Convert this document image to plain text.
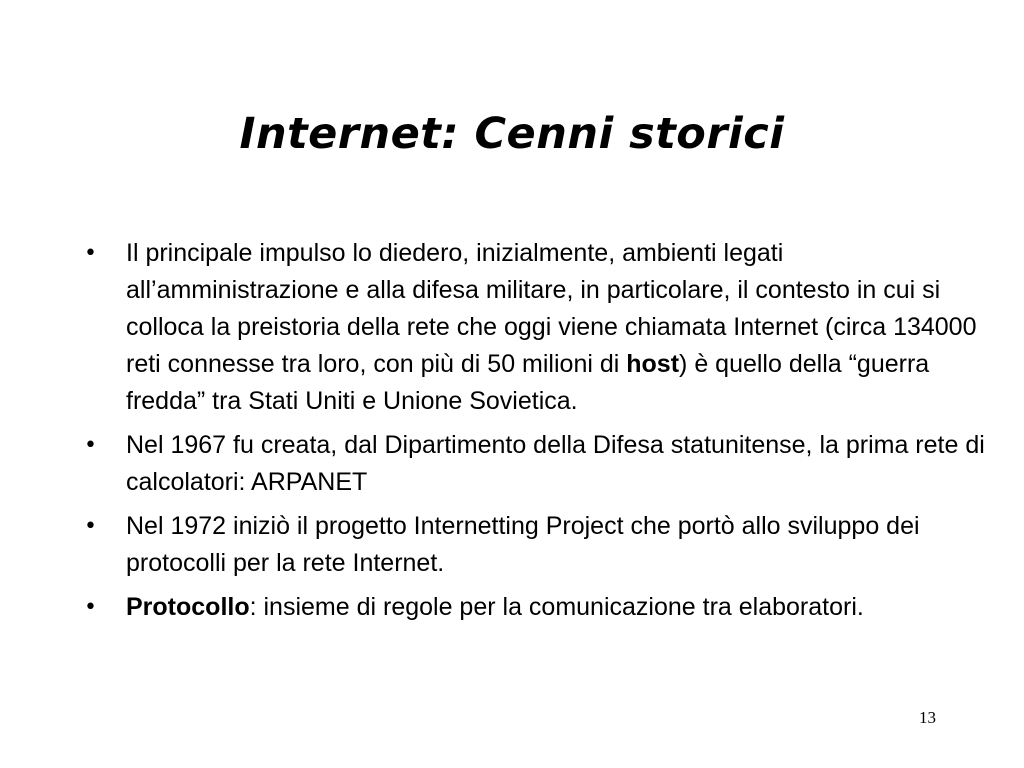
Internet: Cenni storici
•	Il principale impulso lo diedero, inizialmente, ambienti legati all’amministrazione e alla difesa militare, in particolare, il contesto in cui si colloca la preistoria della rete che oggi viene chiamata Internet (circa 134000 reti connesse tra loro, con più di 50 milioni di host) è quello della “guerra fredda” tra Stati Uniti e Unione Sovietica.
•	Nel 1967 fu creata, dal Dipartimento della Difesa statunitense, la prima rete di calcolatori: ARPANET
•	Nel 1972 iniziò il progetto Internetting Project che portò allo sviluppo dei protocolli per la rete Internet.
•	Protocollo: insieme di regole per la comunicazione tra elaboratori.
13
